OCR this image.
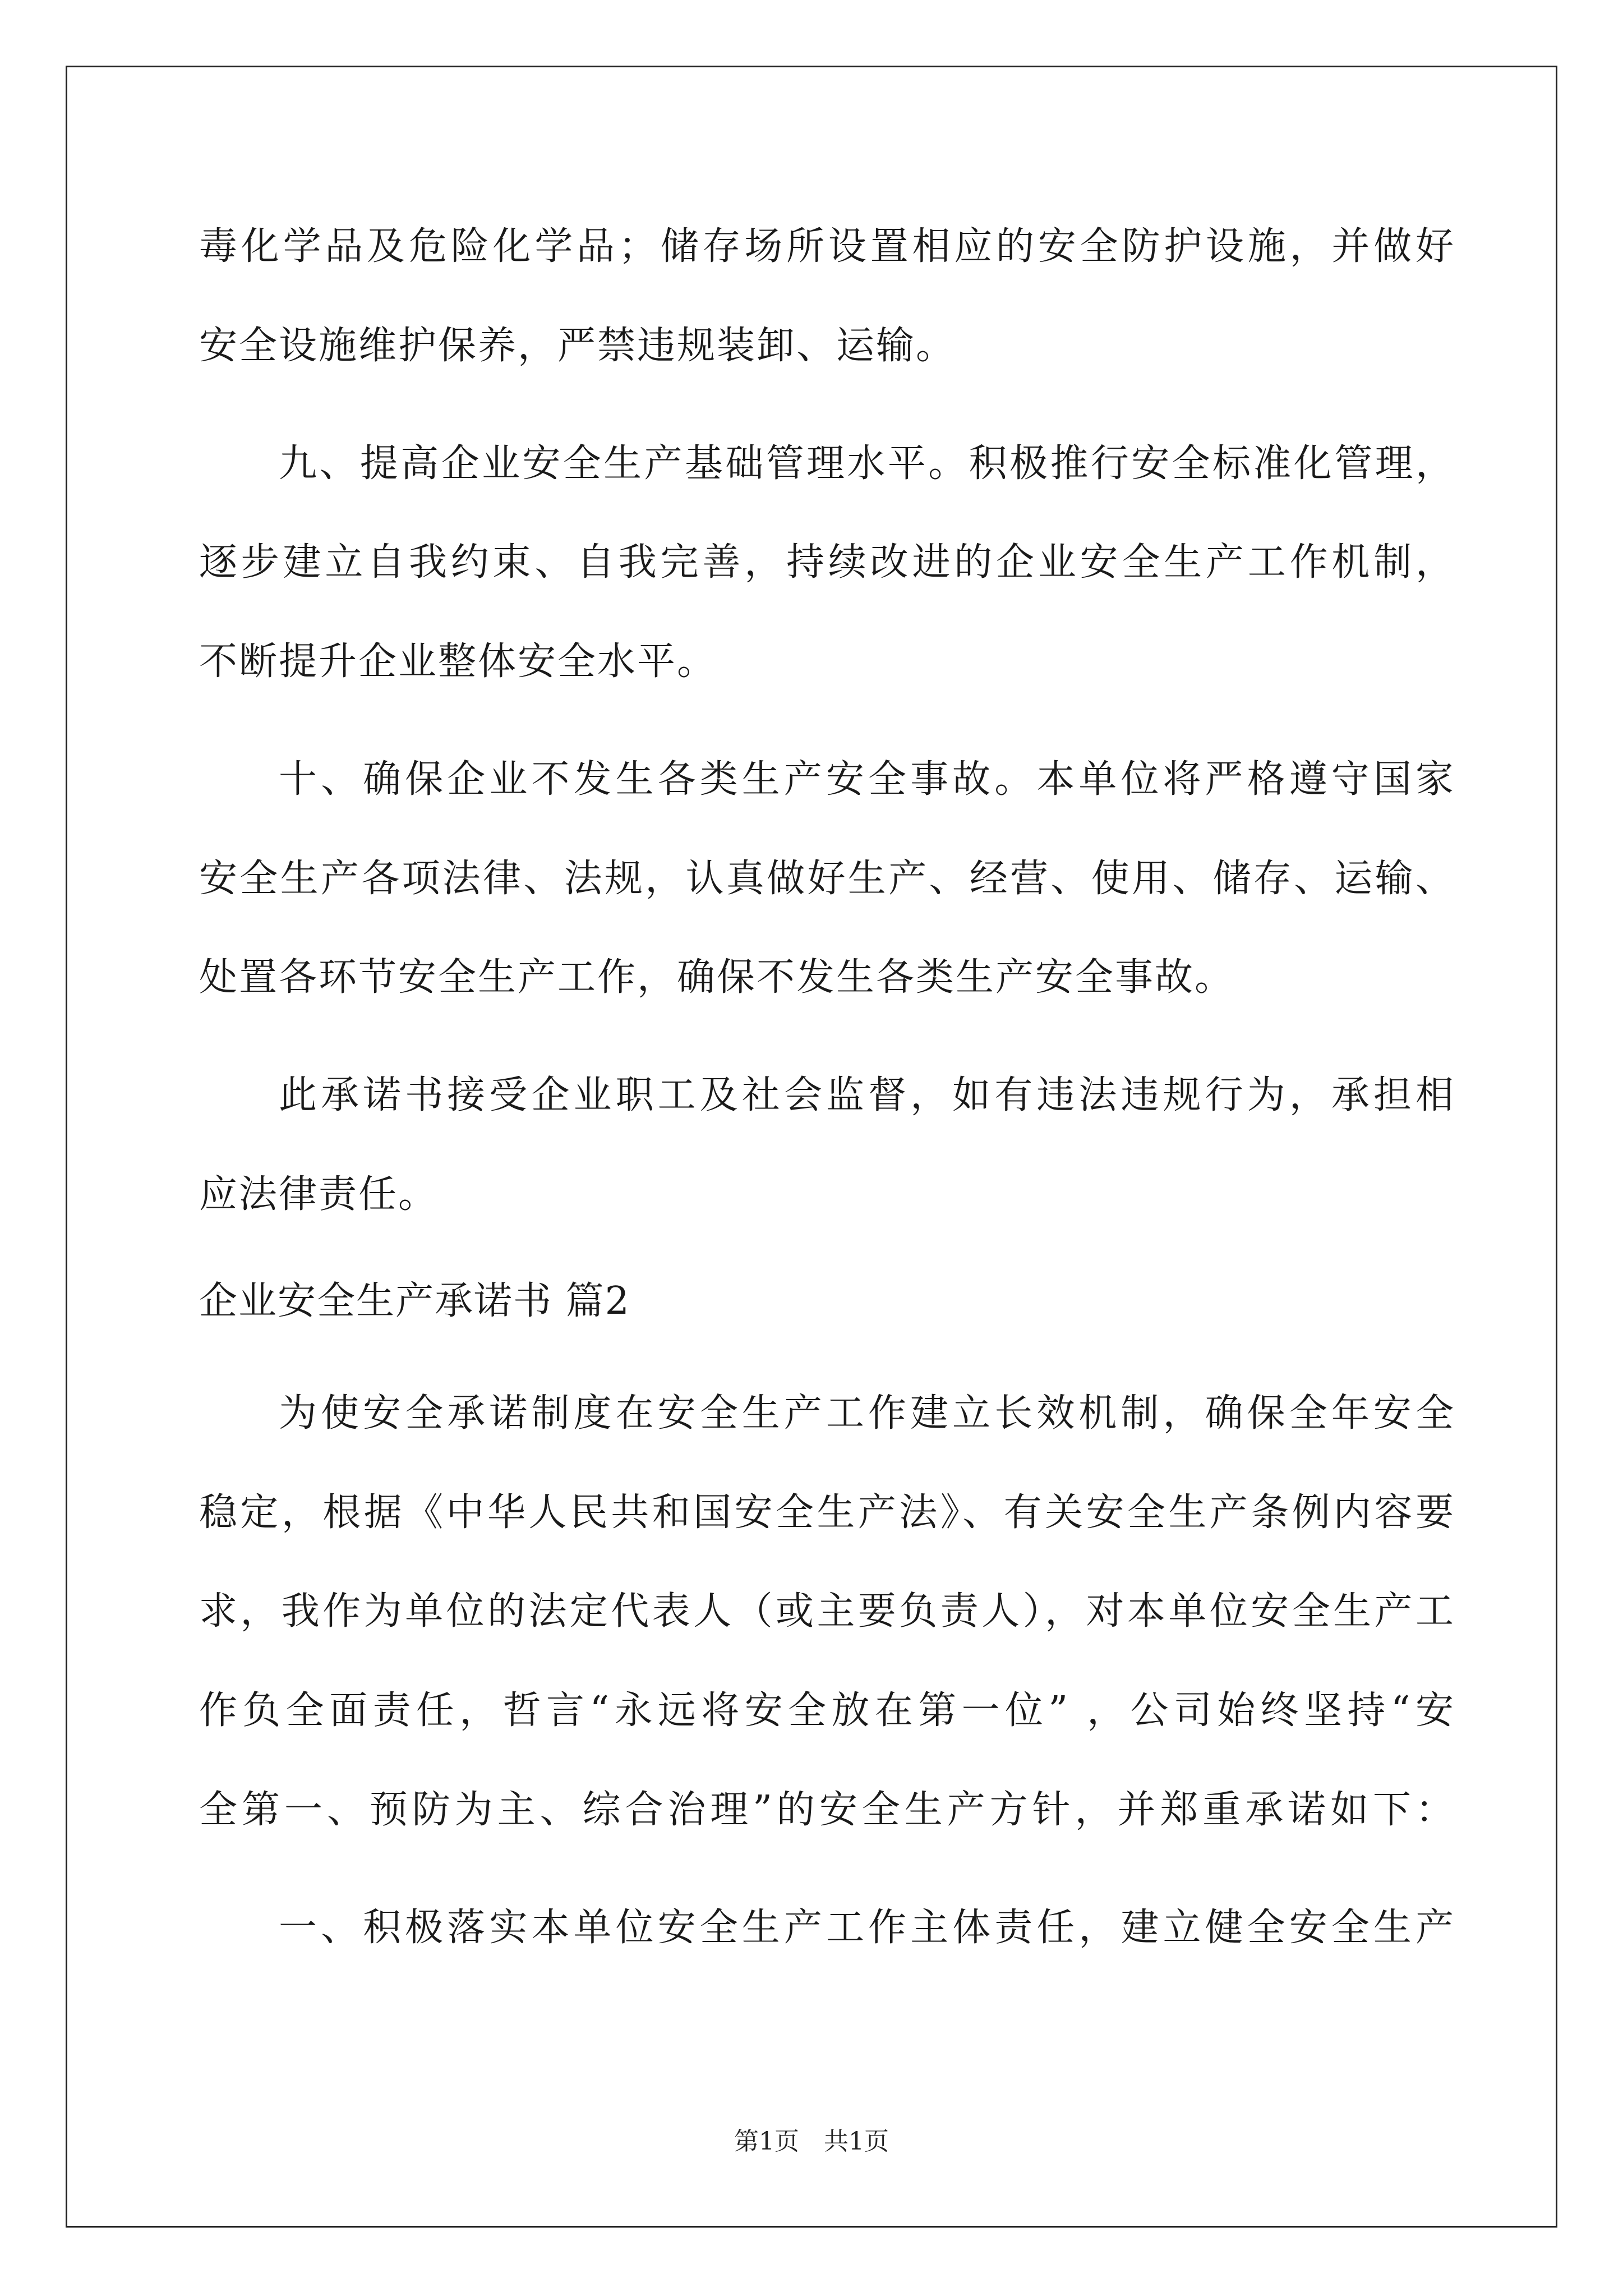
毒化学品及危险化学品；储存场所设置相应的安全防护设施，并做好
安全设施维护保养，严禁违规装卸、运输。
九、提高企业安全生产基础管理水平。积极推行安全标准化管理，
逐步建立自我约束、自我完善，持续改进的企业安全生产工作机制，
不断提升企业整体安全水平。
十、确保企业不发生各类生产安全事故。本单位将严格遵守国家
安全生产各项法律、法规，认真做好生产、经营、使用、储存、运输、
处置各环节安全生产工作，确保不发生各类生产安全事故。
此承诺书接受企业职工及社会监督，如有违法违规行为，承担相
应法律责任。
企业安全生产承诺书 篇2
为使安全承诺制度在安全生产工作建立长效机制，确保全年安全
稳定，根据《中华人民共和国安全生产法》、有关安全生产条例内容要
求，我作为单位的法定代表人（或主要负责人），对本单位安全生产工
作负全面责任，哲言“永远将安全放在第一位” ，公司始终坚持“安
全第一、预防为主、综合治理”的安全生产方针，并郑重承诺如下：
一、积极落实本单位安全生产工作主体责任，建立健全安全生产
第1页　共1页
